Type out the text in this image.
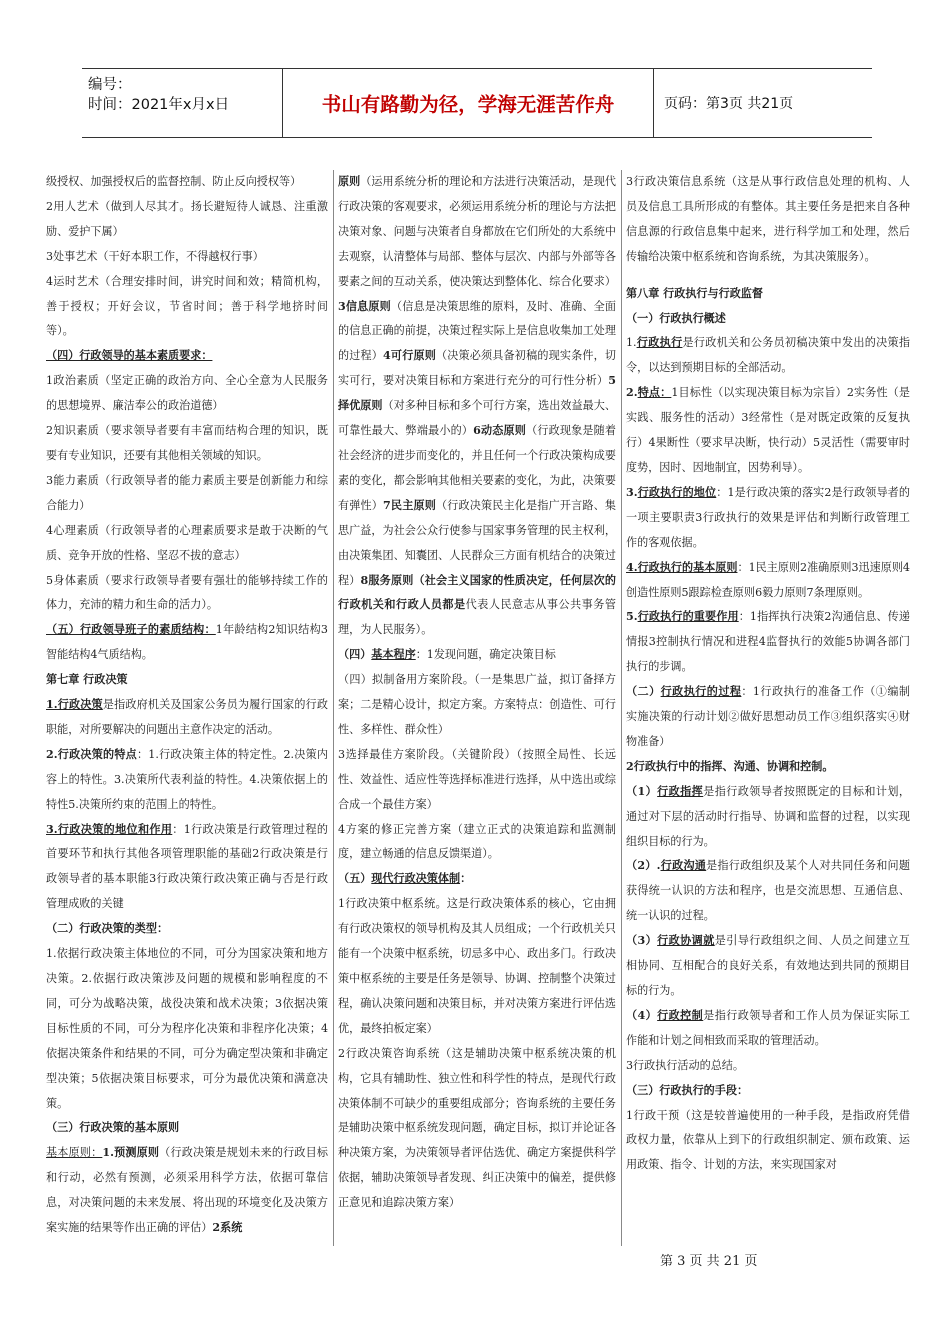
编号：
时间：2021年x月x日	书山有路勤为径，学海无涯苦作舟	页码：第3页 共21页

级授权、加强授权后的监督控制、防止反向授权等）

2用人艺术（做到人尽其才。扬长避短待人诚恳、注重激励、爱护下属）

3处事艺术（干好本职工作，不得越权行事）

4运时艺术（合理安排时间，讲究时间和效；精简机构，善于授权；开好会议，节省时间；善于科学地挤时间等）。

（四）行政领导的基本素质要求：

1政治素质（坚定正确的政治方向、全心全意为人民服务的思想境界、廉洁奉公的政治道德）

2知识素质（要求领导者要有丰富而结构合理的知识，既要有专业知识，还要有其他相关领域的知识。

3能力素质（行政领导者的能力素质主要是创新能力和综合能力）

4心理素质（行政领导者的心理素质要求是敢于决断的气质、竞争开放的性格、坚忍不拔的意志）

5身体素质（要求行政领导者要有强壮的能够持续工作的体力，充沛的精力和生命的活力）。

（五）行政领导班子的素质结构：1年龄结构2知识结构3智能结构4气质结构。

第七章 行政决策

1.行政决策是指政府机关及国家公务员为履行国家的行政职能，对所要解决的问题出主意作决定的活动。

2.行政决策的特点：1.行政决策主体的特定性。2.决策内容上的特性。3.决策所代表利益的特性。4.决策依据上的特性5.决策所约束的范围上的特性。

3.行政决策的地位和作用：1行政决策是行政管理过程的首要环节和执行其他各项管理职能的基础2行政决策是行政领导者的基本职能3行政决策行政决策正确与否是行政管理成败的关键

（二）行政决策的类型：

1.依据行政决策主体地位的不同，可分为国家决策和地方决策。2.依据行政决策涉及问题的规模和影响程度的不同，可分为战略决策，战役决策和战术决策；3依据决策目标性质的不同，可分为程序化决策和非程序化决策；4依据决策条件和结果的不同，可分为确定型决策和非确定型决策；5依据决策目标要求，可分为最优决策和满意决策。

（三）行政决策的基本原则

基本原则：1.预测原则（行政决策是规划未来的行政目标和行动，必然有预测，必须采用科学方法，依据可靠信息，对决策问题的未来发展、将出现的环境变化及决策方案实施的结果等作出正确的评估）2系统

原则（运用系统分析的理论和方法进行决策活动，是现代行政决策的客观要求，必须运用系统分析的理论与方法把决策对象、问题与决策者自身都放在它们所处的大系统中去观察，认清整体与局部、整体与层次、内部与外部等各要素之间的互动关系，使决策达到整体化、综合化要求）3信息原则（信息是决策思维的原料，及时、准确、全面的信息正确的前提，决策过程实际上是信息收集加工处理的过程）4可行原则（决策必须具备初稿的现实条件，切实可行，要对决策目标和方案进行充分的可行性分析）5择优原则（对多种目标和多个可行方案，选出效益最大、可靠性最大、弊端最小的）6动态原则（行政现象是随着社会经济的进步而变化的，并且任何一个行政决策构成要素的变化，都会影响其他相关要素的变化，为此，决策要有弹性）7民主原则（行政决策民主化是指广开言路、集思广益，为社会公众行使参与国家事务管理的民主权利，由决策集团、知囊团、人民群众三方面有机结合的决策过程）8服务原则（社会主义国家的性质决定，任何层次的行政机关和行政人员都是代表人民意志从事公共事务管理，为人民服务）。

（四）基本程序：1发现问题，确定决策目标

（四）拟制备用方案阶段。（一是集思广益，拟订备择方案；二是精心设计，拟定方案。方案特点：创造性、可行性、多样性、群众性）

3选择最佳方案阶段。（关键阶段）（按照全局性、长远性、效益性、适应性等选择标准进行选择，从中选出或综合成一个最佳方案）

4方案的修正完善方案（建立正式的决策追踪和监测制度，建立畅通的信息反馈渠道）。

（五）现代行政决策体制：

1行政决策中枢系统。这是行政决策体系的核心，它由拥有行政决策权的领导机构及其人员组成；一个行政机关只能有一个决策中枢系统，切忌多中心、政出多门。行政决策中枢系统的主要是任务是领导、协调、控制整个决策过程，确认决策问题和决策目标，并对决策方案进行评估选优，最终拍板定案）

2行政决策咨询系统（这是辅助决策中枢系统决策的机构，它具有辅助性、独立性和科学性的特点，是现代行政决策体制不可缺少的重要组成部分；咨询系统的主要任务是辅助决策中枢系统发现问题，确定目标，拟订并论证各种决策方案，为决策领导者评估选优、确定方案提供科学依据，辅助决策领导者发现、纠正决策中的偏差，提供修正意见和追踪决策方案）

3行政决策信息系统（这是从事行政信息处理的机构、人员及信息工具所形成的有整体。其主要任务是把来自各种信息源的行政信息集中起来，进行科学加工和处理，然后传输给决策中枢系统和咨询系统，为其决策服务）。

第八章 行政执行与行政监督

（一）行政执行概述

1.行政执行是行政机关和公务员初稿决策中发出的决策指令，以达到预期目标的全部活动。

2.特点：1目标性（以实现决策目标为宗旨）2实务性（是实践、服务性的活动）3经常性（是对既定政策的反复执行）4果断性（要求早决断，快行动）5灵活性（需要审时度势，因时、因地制宜，因势利导）。

3.行政执行的地位：1是行政决策的落实2是行政领导者的一项主要职责3行政执行的效果是评估和判断行政管理工作的客观依据。

4.行政执行的基本原则：1民主原则2准确原则3迅速原则4创造性原则5跟踪检查原则6毅力原则7条理原则。

5.行政执行的重要作用：1指挥执行决策2沟通信息、传递情报3控制执行情况和进程4监督执行的效能5协调各部门执行的步调。

（二）行政执行的过程：1行政执行的准备工作（①编制实施决策的行动计划②做好思想动员工作③组织落实④财物准备）

2行政执行中的指挥、沟通、协调和控制。

（1）行政指挥是指行政领导者按照既定的目标和计划，通过对下层的活动时行指导、协调和监督的过程，以实现组织目标的行为。

（2）.行政沟通是指行政组织及某个人对共同任务和问题获得统一认识的方法和程序，也是交流思想、互通信息、统一认识的过程。

（3）行政协调就是引导行政组织之间、人员之间建立互相协同、互相配合的良好关系，有效地达到共同的预期目标的行为。

（4）行政控制是指行政领导者和工作人员为保证实际工作能和计划之间相致而采取的管理活动。

3行政执行活动的总结。

（三）行政执行的手段：

1行政干预（这是较普遍使用的一种手段，是指政府凭借政权力量，依靠从上到下的行政组织制定、颁布政策、运用政策、指令、计划的方法，来实现国家对

第 3 页 共 21 页
